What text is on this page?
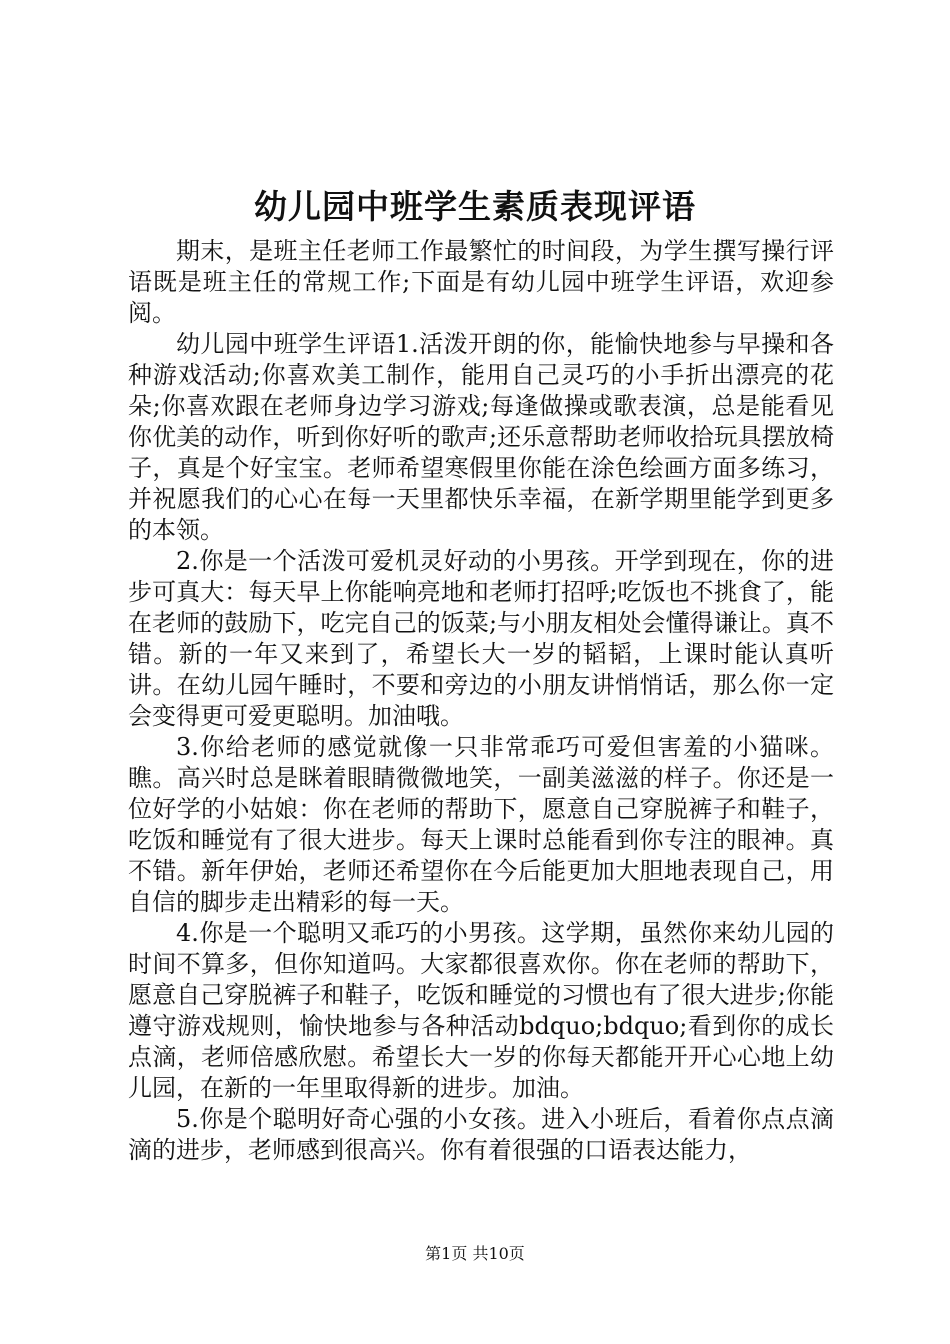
幼儿园中班学生素质表现评语

期末，是班主任老师工作最繁忙的时间段，为学生撰写操行评语既是班主任的常规工作;下面是有幼儿园中班学生评语，欢迎参阅。

幼儿园中班学生评语1.活泼开朗的你，能愉快地参与早操和各种游戏活动;你喜欢美工制作，能用自己灵巧的小手折出漂亮的花朵;你喜欢跟在老师身边学习游戏;每逢做操或歌表演，总是能看见你优美的动作，听到你好听的歌声;还乐意帮助老师收拾玩具摆放椅子，真是个好宝宝。老师希望寒假里你能在涂色绘画方面多练习，并祝愿我们的心心在每一天里都快乐幸福，在新学期里能学到更多的本领。

2.你是一个活泼可爱机灵好动的小男孩。开学到现在，你的进步可真大：每天早上你能响亮地和老师打招呼;吃饭也不挑食了，能在老师的鼓励下，吃完自己的饭菜;与小朋友相处会懂得谦让。真不错。新的一年又来到了，希望长大一岁的韬韬，上课时能认真听讲。在幼儿园午睡时，不要和旁边的小朋友讲悄悄话，那么你一定会变得更可爱更聪明。加油哦。

3.你给老师的感觉就像一只非常乖巧可爱但害羞的小猫咪。瞧。高兴时总是眯着眼睛微微地笑，一副美滋滋的样子。你还是一位好学的小姑娘：你在老师的帮助下，愿意自己穿脱裤子和鞋子，吃饭和睡觉有了很大进步。每天上课时总能看到你专注的眼神。真不错。新年伊始，老师还希望你在今后能更加大胆地表现自己，用自信的脚步走出精彩的每一天。

4.你是一个聪明又乖巧的小男孩。这学期，虽然你来幼儿园的时间不算多，但你知道吗。大家都很喜欢你。你在老师的帮助下，愿意自己穿脱裤子和鞋子，吃饭和睡觉的习惯也有了很大进步;你能遵守游戏规则，愉快地参与各种活动bdquo;bdquo;看到你的成长点滴，老师倍感欣慰。希望长大一岁的你每天都能开开心心地上幼儿园，在新的一年里取得新的进步。加油。

5.你是个聪明好奇心强的小女孩。进入小班后，看着你点点滴滴的进步，老师感到很高兴。你有着很强的口语表达能力，

第1页 共10页
